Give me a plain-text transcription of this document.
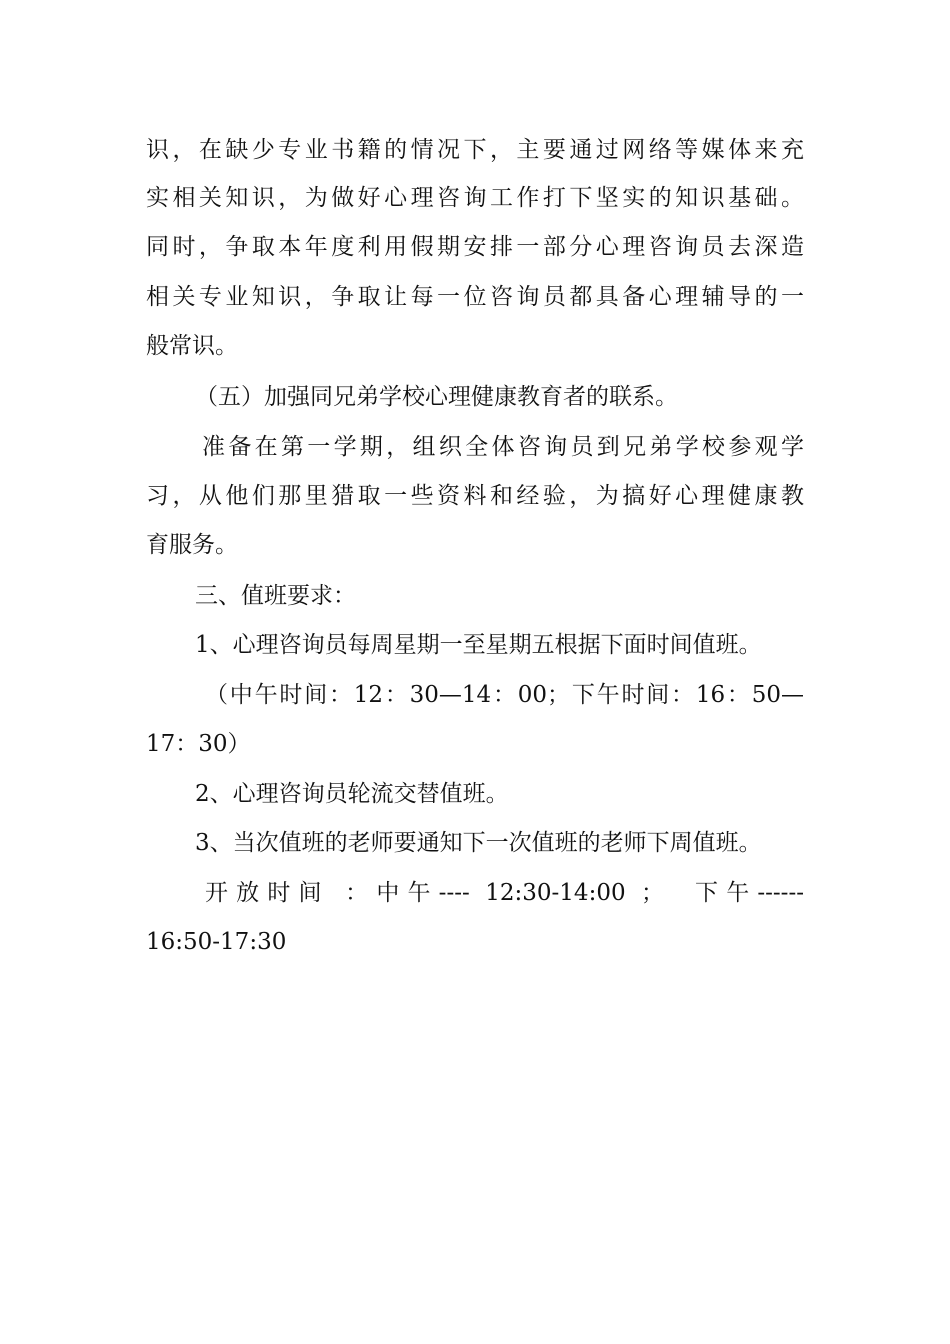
识，在缺少专业书籍的情况下，主要通过网络等媒体来充
实相关知识，为做好心理咨询工作打下坚实的知识基础。
同时，争取本年度利用假期安排一部分心理咨询员去深造
相关专业知识，争取让每一位咨询员都具备心理辅导的一
般常识。
（五）加强同兄弟学校心理健康教育者的联系。
准备在第一学期，组织全体咨询员到兄弟学校参观学
习，从他们那里猎取一些资料和经验，为搞好心理健康教
育服务。
三、值班要求：
1、心理咨询员每周星期一至星期五根据下面时间值班。
（中午时间：12：30—14：00；下午时间：16：50—
17：30）
2、心理咨询员轮流交替值班。
3、当次值班的老师要通知下一次值班的老师下周值班。
开放时间 ：中午---- 12:30-14:00 ；  下午------
16:50-17:30
